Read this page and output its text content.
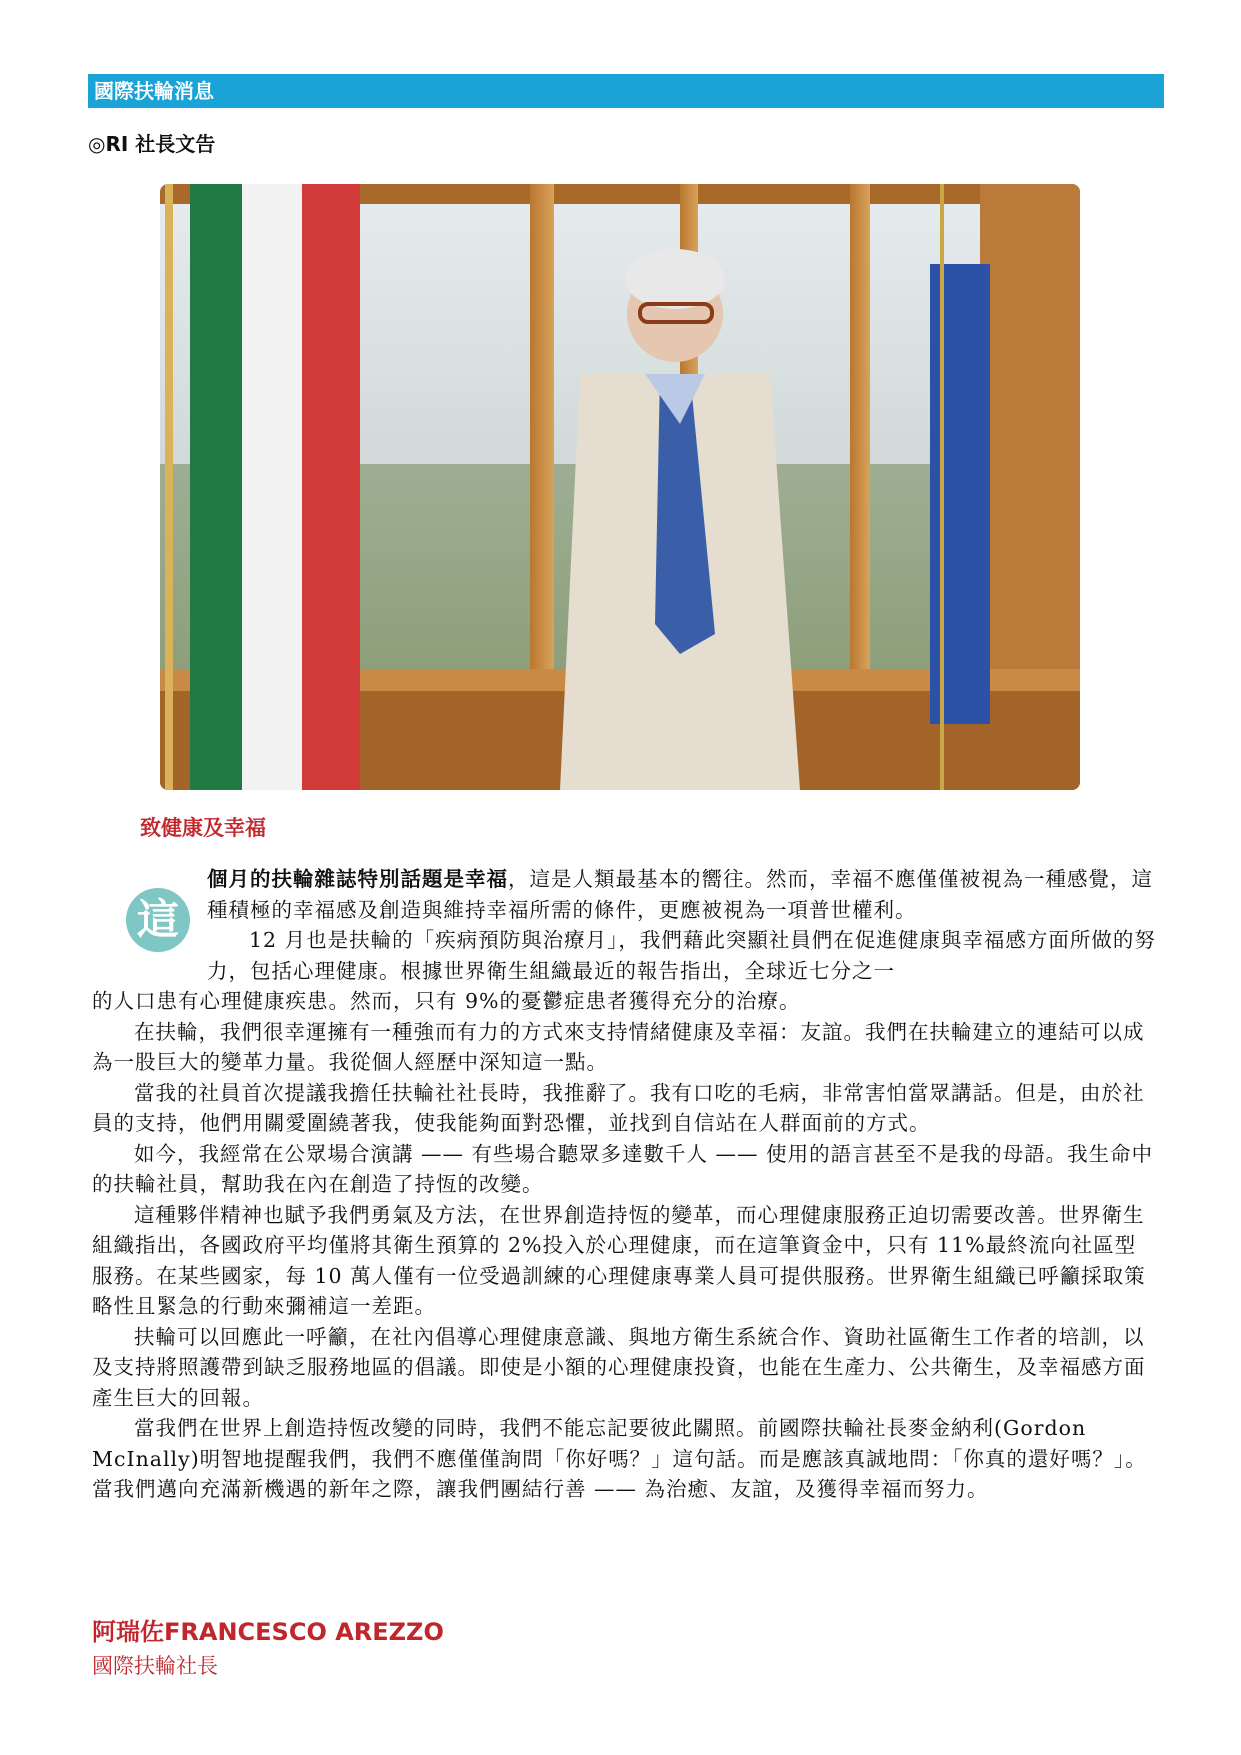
國際扶輪消息
◎RI 社長文告
致健康及幸福
這

個月的扶輪雜誌特別話題是幸福，這是人類最基本的嚮往。然而，幸福不應僅僅被視為一種感覺，這種積極的幸福感及創造與維持幸福所需的條件，更應被視為一項普世權利。

12 月也是扶輪的「疾病預防與治療月」，我們藉此突顯社員們在促進健康與幸福感方面所做的努力，包括心理健康。根據世界衛生組織最近的報告指出，全球近七分之一

的人口患有心理健康疾患。然而，只有 9%的憂鬱症患者獲得充分的治療。

在扶輪，我們很幸運擁有一種強而有力的方式來支持情緒健康及幸福：友誼。我們在扶輪建立的連結可以成為一股巨大的變革力量。我從個人經歷中深知這一點。

當我的社員首次提議我擔任扶輪社社長時，我推辭了。我有口吃的毛病，非常害怕當眾講話。但是，由於社員的支持，他們用關愛圍繞著我，使我能夠面對恐懼，並找到自信站在人群面前的方式。

如今，我經常在公眾場合演講 —— 有些場合聽眾多達數千人 —— 使用的語言甚至不是我的母語。我生命中的扶輪社員，幫助我在內在創造了持恆的改變。

這種夥伴精神也賦予我們勇氣及方法，在世界創造持恆的變革，而心理健康服務正迫切需要改善。世界衛生組織指出，各國政府平均僅將其衛生預算的 2%投入於心理健康，而在這筆資金中，只有 11%最終流向社區型服務。在某些國家，每 10 萬人僅有一位受過訓練的心理健康專業人員可提供服務。世界衛生組織已呼籲採取策略性且緊急的行動來彌補這一差距。

扶輪可以回應此一呼籲，在社內倡導心理健康意識、與地方衛生系統合作、資助社區衛生工作者的培訓，以及支持將照護帶到缺乏服務地區的倡議。即使是小額的心理健康投資，也能在生產力、公共衛生，及幸福感方面產生巨大的回報。

當我們在世界上創造持恆改變的同時，我們不能忘記要彼此關照。前國際扶輪社長麥金納利(Gordon McInally)明智地提醒我們，我們不應僅僅詢問「你好嗎？」這句話。而是應該真誠地問：「你真的還好嗎？」。

當我們邁向充滿新機遇的新年之際，讓我們團結行善 —— 為治癒、友誼，及獲得幸福而努力。

阿瑞佐FRANCESCO AREZZO
國際扶輪社長
